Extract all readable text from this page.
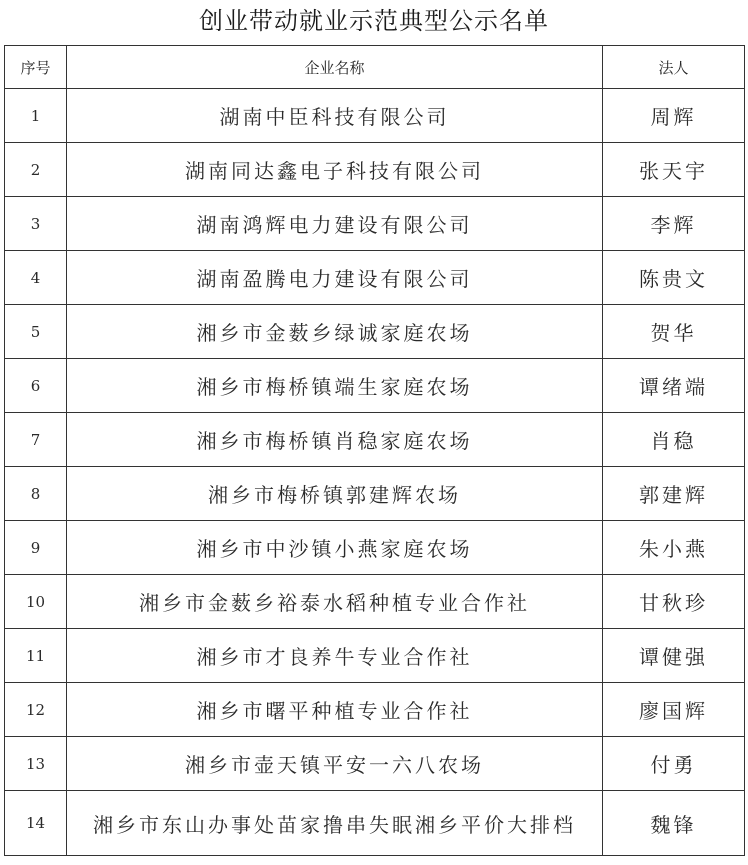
创业带动就业示范典型公示名单
序号	企业名称	法人
1	湖南中臣科技有限公司	周辉
2	湖南同达鑫电子科技有限公司	张天宇
3	湖南鸿辉电力建设有限公司	李辉
4	湖南盈腾电力建设有限公司	陈贵文
5	湘乡市金薮乡绿诚家庭农场	贺华
6	湘乡市梅桥镇端生家庭农场	谭绪端
7	湘乡市梅桥镇肖稳家庭农场	肖稳
8	湘乡市梅桥镇郭建辉农场	郭建辉
9	湘乡市中沙镇小燕家庭农场	朱小燕
10	湘乡市金薮乡裕泰水稻种植专业合作社	甘秋珍
11	湘乡市才良养牛专业合作社	谭健强
12	湘乡市曙平种植专业合作社	廖国辉
13	湘乡市壶天镇平安一六八农场	付勇
14	湘乡市东山办事处苗家撸串失眠湘乡平价大排档	魏锋
